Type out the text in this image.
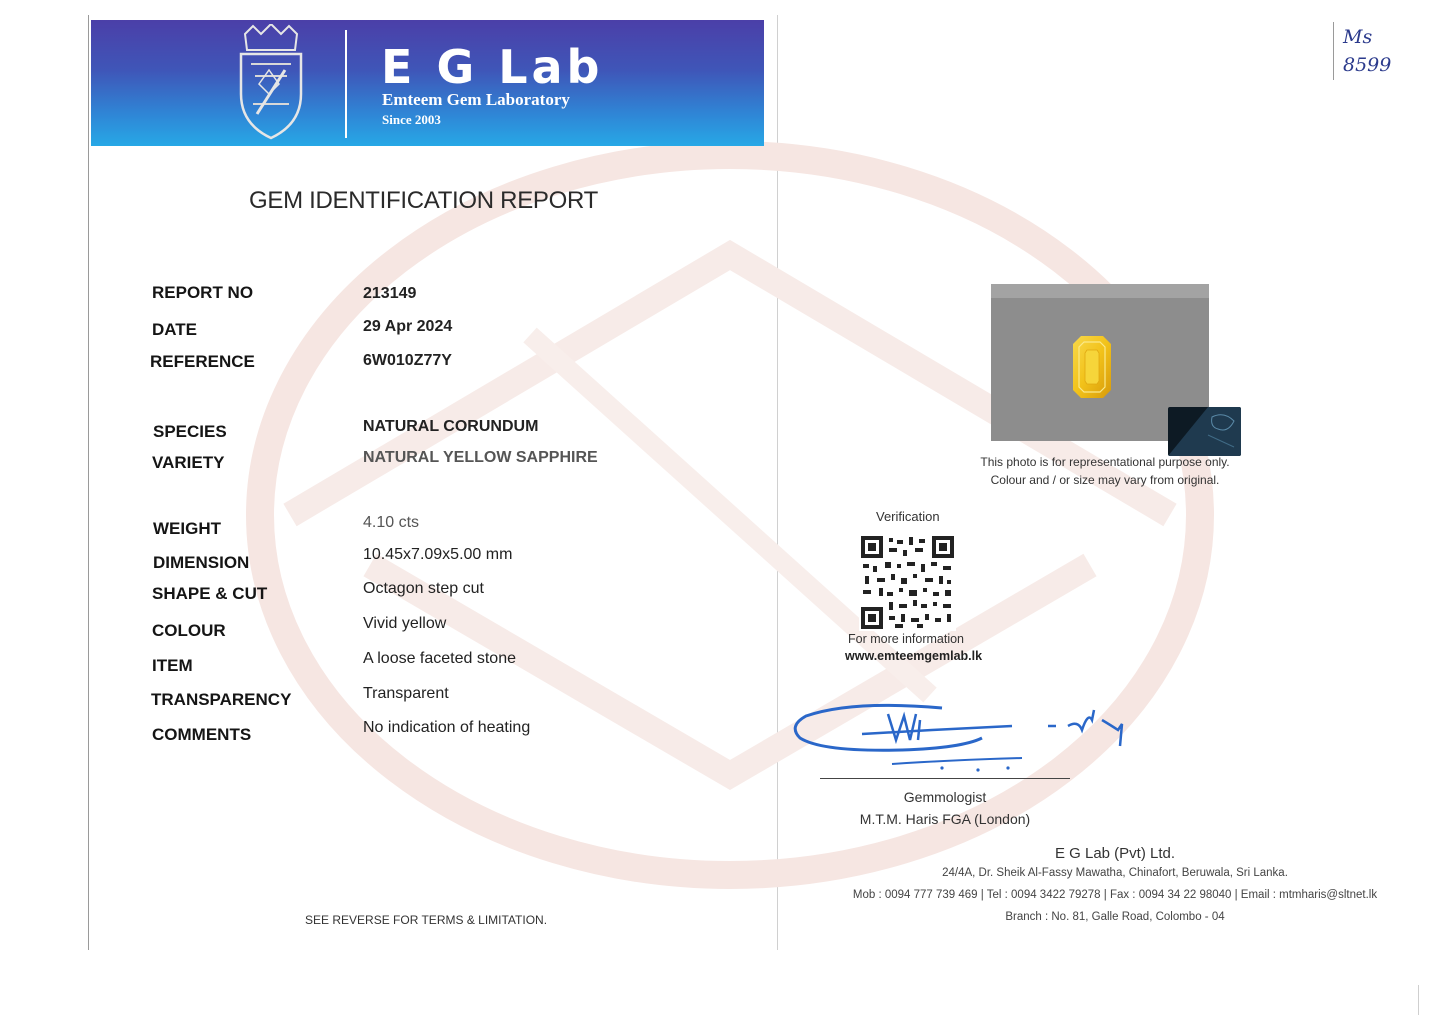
E G Lab
Emteem Gem Laboratory
Since 2003
GEM IDENTIFICATION REPORT
REPORT NO	213149
DATE	29 Apr 2024
REFERENCE	6W010Z77Y
SPECIES	NATURAL CORUNDUM
VARIETY	NATURAL YELLOW SAPPHIRE
WEIGHT	4.10 cts
DIMENSION	10.45x7.09x5.00 mm
SHAPE & CUT	Octagon step cut
COLOUR	Vivid yellow
ITEM	A loose faceted stone
TRANSPARENCY	Transparent
COMMENTS	No indication of heating
SEE REVERSE FOR TERMS & LIMITATION.
This photo is for representational purpose only.
Colour and / or size may vary from original.
Verification
For more information
www.emteemgemlab.lk
Gemmologist
M.T.M. Haris FGA (London)
E G Lab (Pvt) Ltd.
24/4A, Dr. Sheik Al-Fassy Mawatha, Chinafort, Beruwala, Sri Lanka.
Mob : 0094 777 739 469 | Tel : 0094 3422 79278 | Fax : 0094 34 22 98040 | Email : mtmharis@sltnet.lk
Branch : No. 81, Galle Road, Colombo - 04
Ms
8599
